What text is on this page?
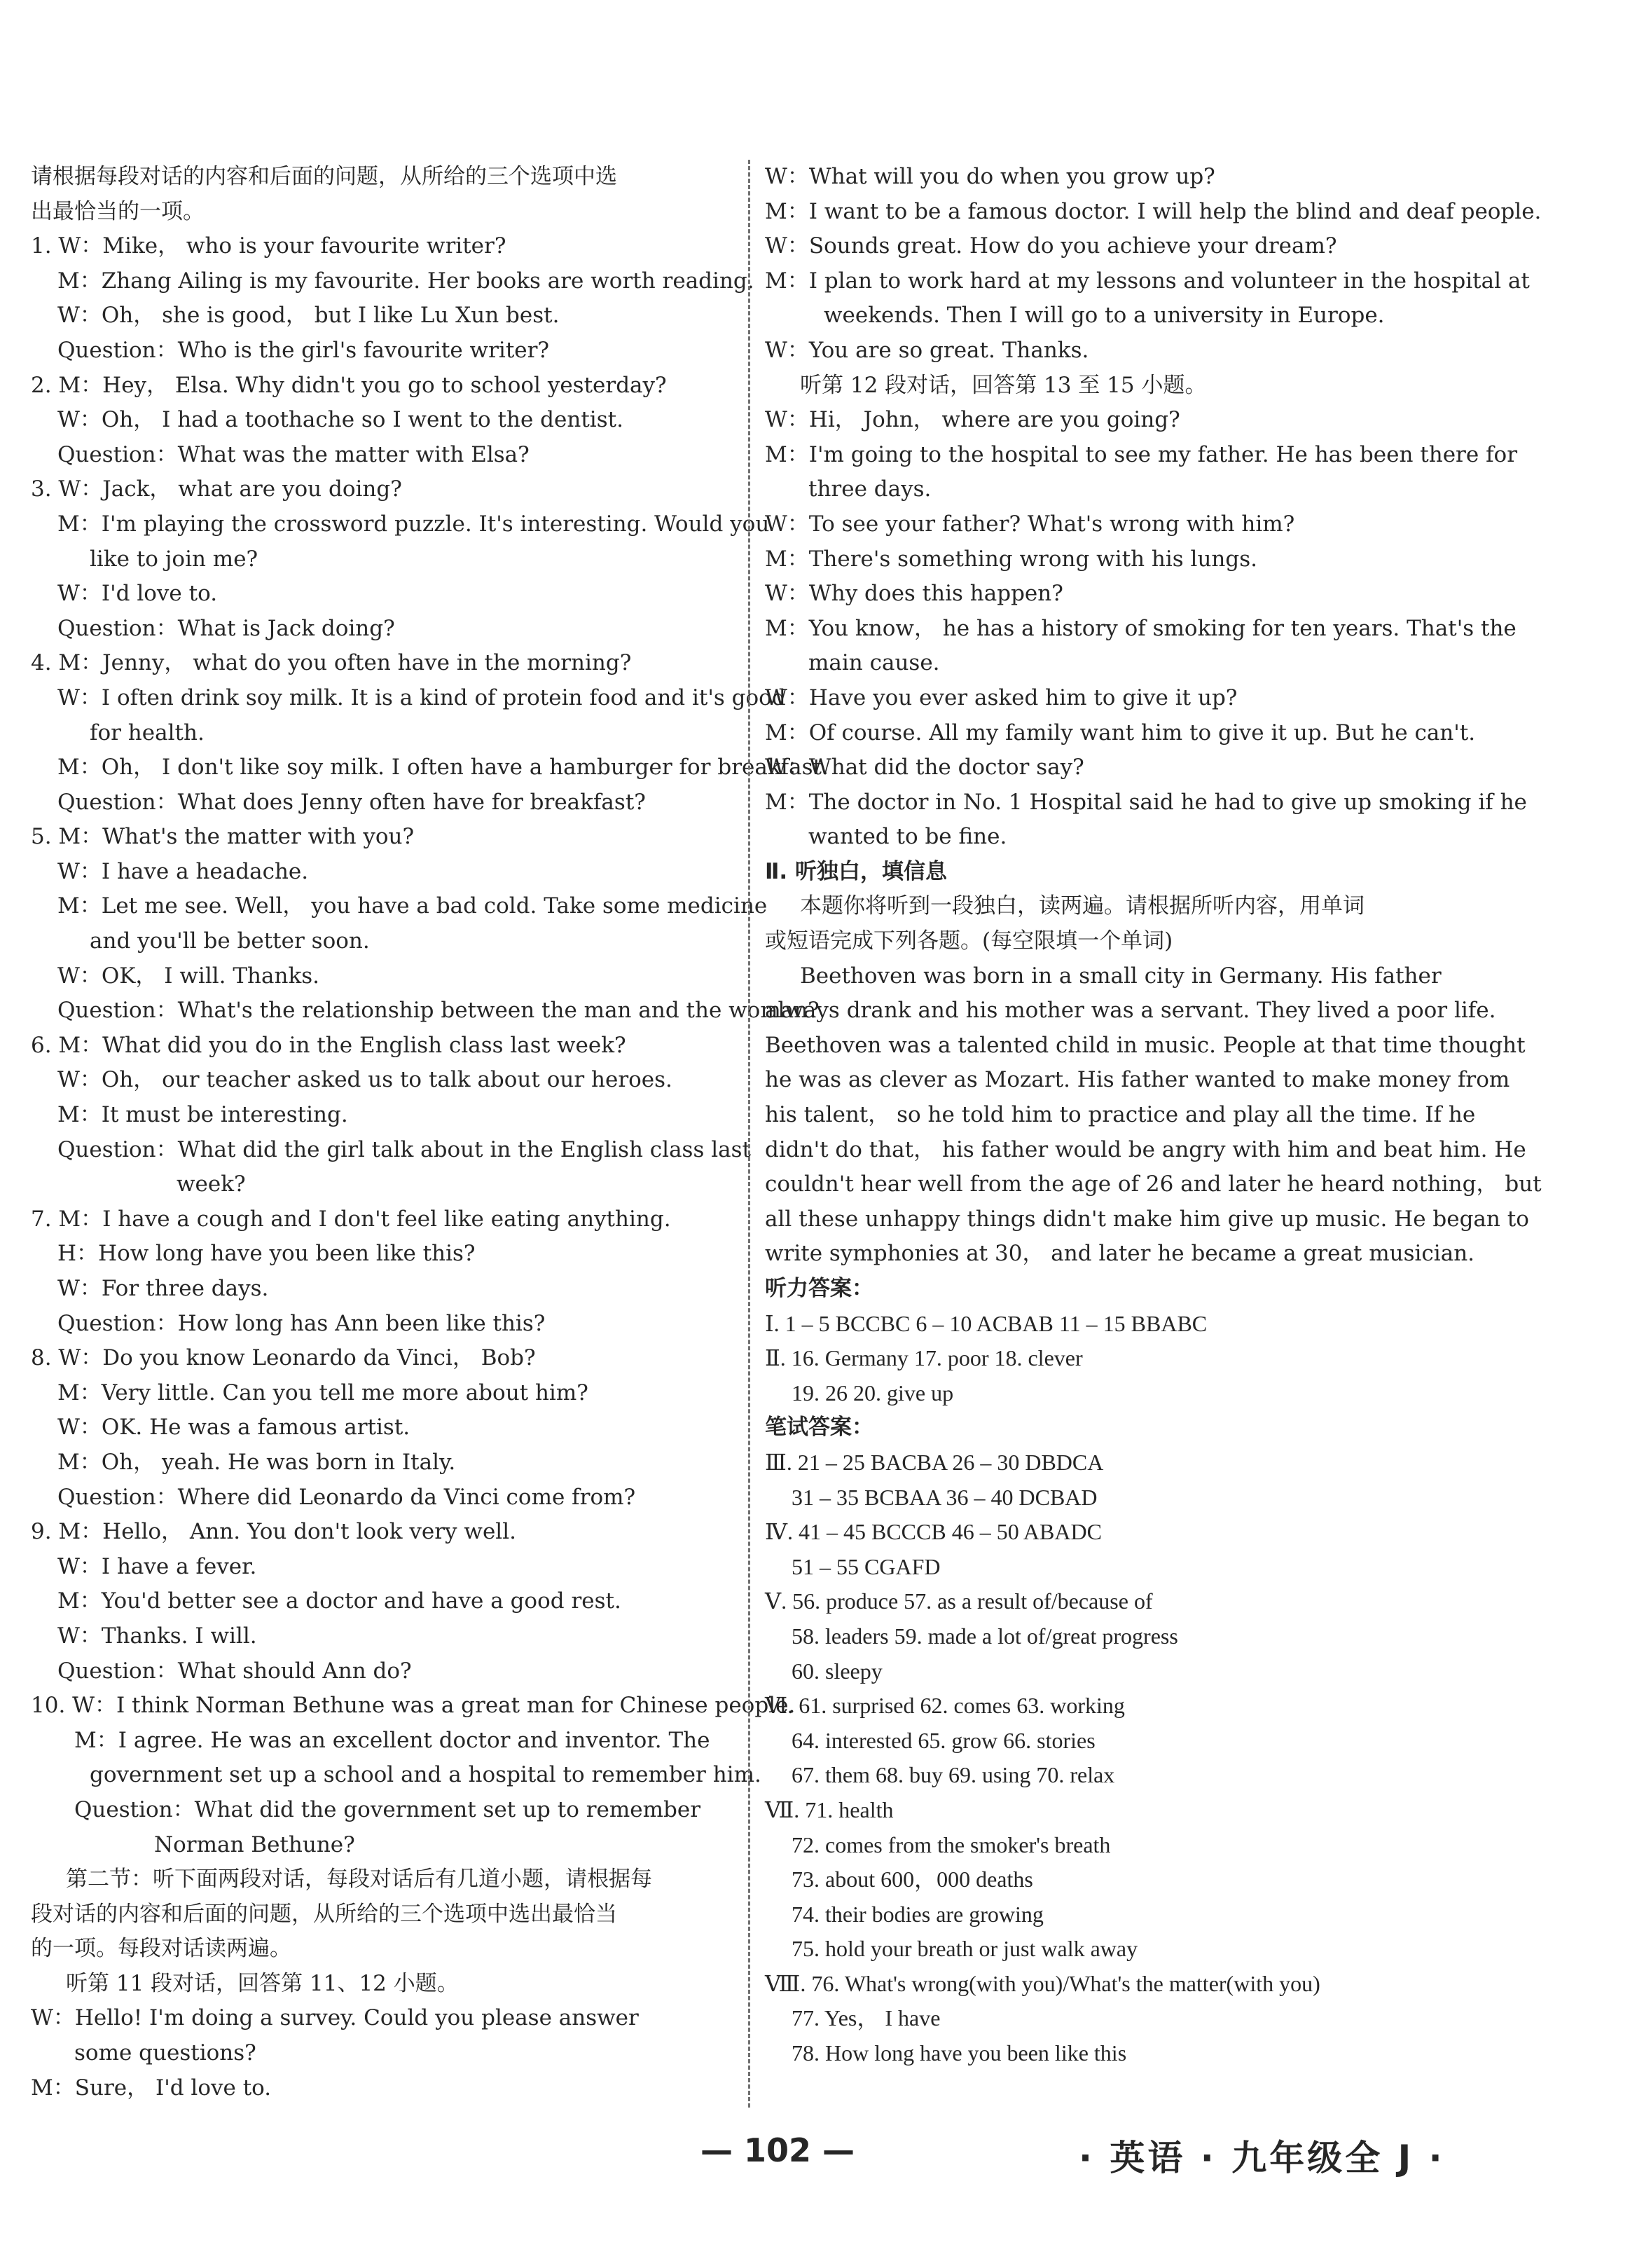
请根据每段对话的内容和后面的问题，从所给的三个选项中选
出最恰当的一项。
1. W：Mike， who is your favourite writer?
M：Zhang Ailing is my favourite. Her books are worth reading.
W：Oh， she is good， but I like Lu Xun best.
Question：Who is the girl's favourite writer?
2. M：Hey， Elsa. Why didn't you go to school yesterday?
W：Oh， I had a toothache so I went to the dentist.
Question：What was the matter with Elsa?
3. W：Jack， what are you doing?
M：I'm playing the crossword puzzle. It's interesting. Would you
like to join me?
W：I'd love to.
Question：What is Jack doing?
4. M：Jenny， what do you often have in the morning?
W：I often drink soy milk. It is a kind of protein food and it's good
for health.
M：Oh， I don't like soy milk. I often have a hamburger for breakfast.
Question：What does Jenny often have for breakfast?
5. M：What's the matter with you?
W：I have a headache.
M：Let me see. Well， you have a bad cold. Take some medicine
and you'll be better soon.
W：OK， I will. Thanks.
Question：What's the relationship between the man and the woman?
6. M：What did you do in the English class last week?
W：Oh， our teacher asked us to talk about our heroes.
M：It must be interesting.
Question：What did the girl talk about in the English class last
week?
7. M：I have a cough and I don't feel like eating anything.
H：How long have you been like this?
W：For three days.
Question：How long has Ann been like this?
8. W：Do you know Leonardo da Vinci， Bob?
M：Very little. Can you tell me more about him?
W：OK. He was a famous artist.
M：Oh， yeah. He was born in Italy.
Question：Where did Leonardo da Vinci come from?
9. M：Hello， Ann. You don't look very well.
W：I have a fever.
M：You'd better see a doctor and have a good rest.
W：Thanks. I will.
Question：What should Ann do?
10. W：I think Norman Bethune was a great man for Chinese people.
M：I agree. He was an excellent doctor and inventor. The
government set up a school and a hospital to remember him.
Question：What did the government set up to remember
Norman Bethune?
第二节：听下面两段对话，每段对话后有几道小题，请根据每
段对话的内容和后面的问题，从所给的三个选项中选出最恰当
的一项。每段对话读两遍。
听第 11 段对话，回答第 11、12 小题。
W：Hello! I'm doing a survey. Could you please answer
some questions?
M：Sure， I'd love to.
W：What will you do when you grow up?
M：I want to be a famous doctor. I will help the blind and deaf people.
W：Sounds great. How do you achieve your dream?
M：I plan to work hard at my lessons and volunteer in the hospital at
weekends. Then I will go to a university in Europe.
W：You are so great. Thanks.
听第 12 段对话，回答第 13 至 15 小题。
W：Hi， John， where are you going?
M：I'm going to the hospital to see my father. He has been there for
three days.
W：To see your father? What's wrong with him?
M：There's something wrong with his lungs.
W：Why does this happen?
M：You know， he has a history of smoking for ten years. That's the
main cause.
W：Have you ever asked him to give it up?
M：Of course. All my family want him to give it up. But he can't.
W：What did the doctor say?
M：The doctor in No. 1 Hospital said he had to give up smoking if he
wanted to be fine.
Ⅱ. 听独白，填信息
本题你将听到一段独白，读两遍。请根据所听内容，用单词
或短语完成下列各题。(每空限填一个单词)
Beethoven was born in a small city in Germany. His father
always drank and his mother was a servant. They lived a poor life.
Beethoven was a talented child in music. People at that time thought
he was as clever as Mozart. His father wanted to make money from
his talent， so he told him to practice and play all the time. If he
didn't do that， his father would be angry with him and beat him. He
couldn't hear well from the age of 26 and later he heard nothing， but
all these unhappy things didn't make him give up music. He began to
write symphonies at 30， and later he became a great musician.
听力答案：
Ⅰ. 1 – 5 BCCBC 6 – 10 ACBAB 11 – 15 BBABC
Ⅱ. 16. Germany 17. poor 18. clever
19. 26 20. give up
笔试答案：
Ⅲ. 21 – 25 BACBA 26 – 30 DBDCA
31 – 35 BCBAA 36 – 40 DCBAD
Ⅳ. 41 – 45 BCCCB 46 – 50 ABADC
51 – 55 CGAFD
Ⅴ. 56. produce 57. as a result of/because of
58. leaders 59. made a lot of/great progress
60. sleepy
Ⅵ. 61. surprised 62. comes 63. working
64. interested 65. grow 66. stories
67. them 68. buy 69. using 70. relax
Ⅶ. 71. health
72. comes from the smoker's breath
73. about 600，000 deaths
74. their bodies are growing
75. hold your breath or just walk away
Ⅷ. 76. What's wrong(with you)/What's the matter(with you)
77. Yes， I have
78. How long have you been like this
— 102 —	· 英语 · 九年级全 J ·
